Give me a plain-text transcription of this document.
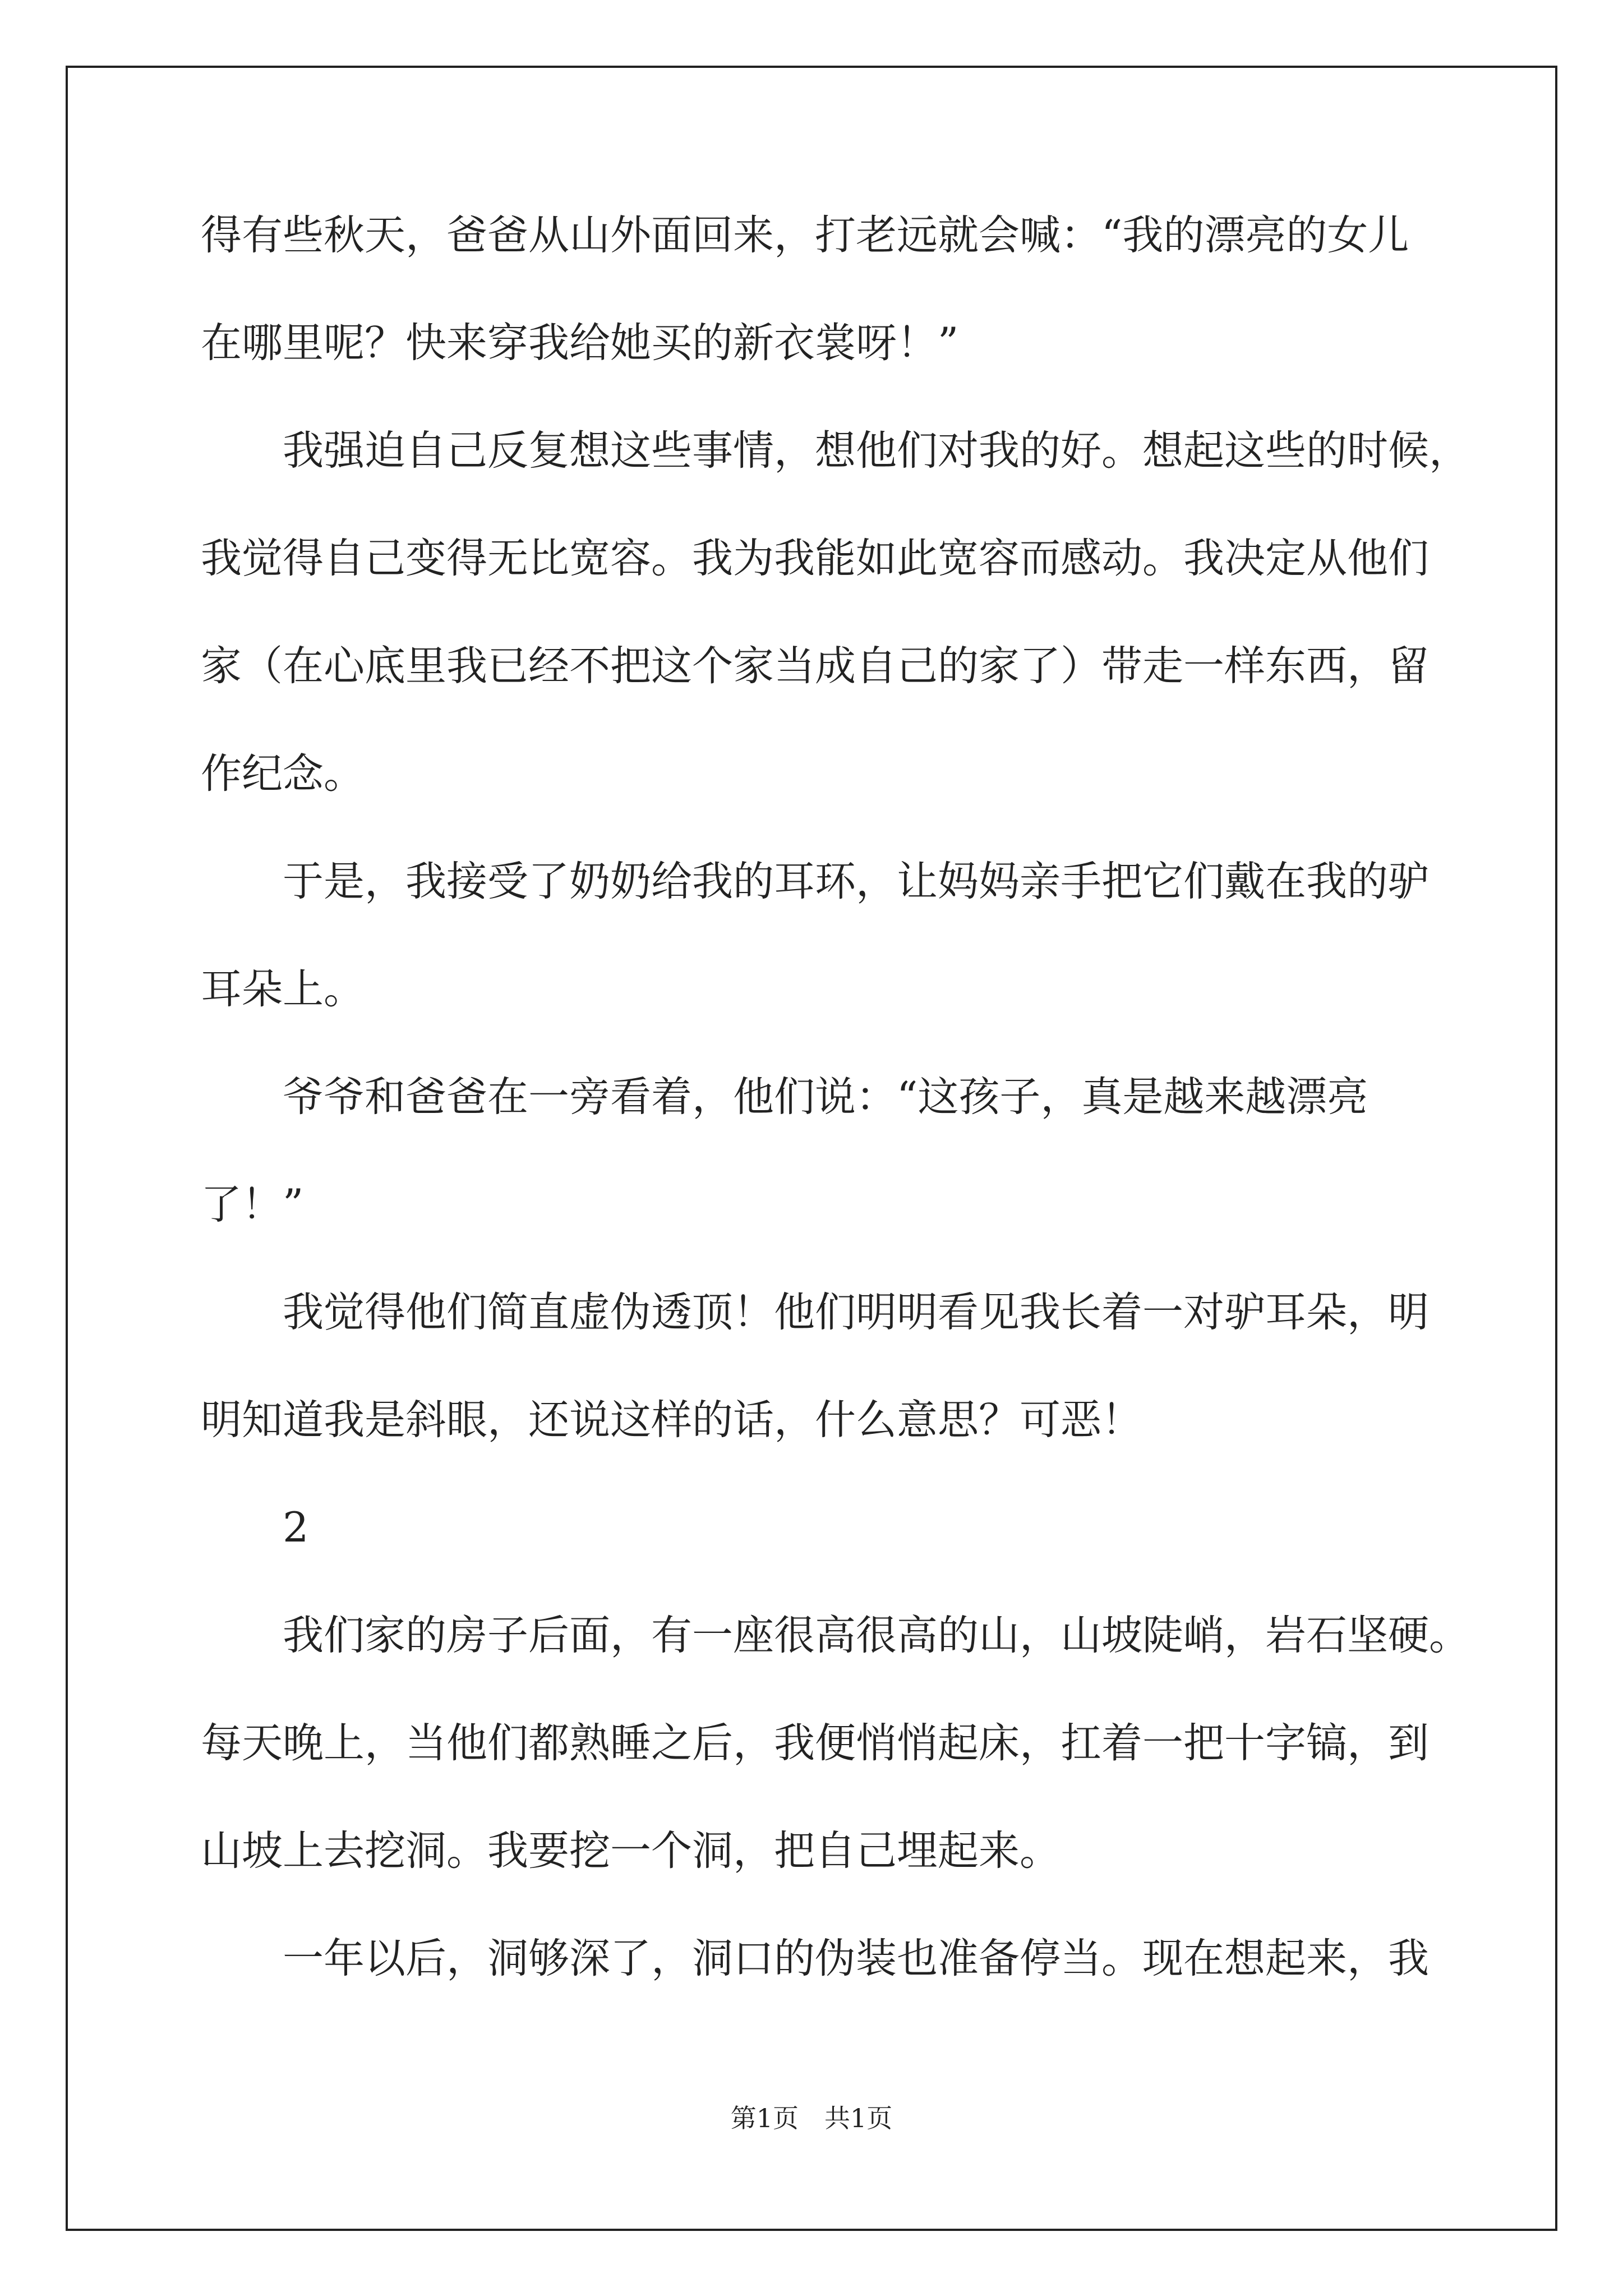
得有些秋天，爸爸从山外面回来，打老远就会喊：“我的漂亮的女儿
在哪里呢？快来穿我给她买的新衣裳呀！”
我强迫自己反复想这些事情，想他们对我的好。想起这些的时候，
我觉得自己变得无比宽容。我为我能如此宽容而感动。我决定从他们
家（在心底里我已经不把这个家当成自己的家了）带走一样东西，留
作纪念。
于是，我接受了奶奶给我的耳环，让妈妈亲手把它们戴在我的驴
耳朵上。
爷爷和爸爸在一旁看着，他们说：“这孩子，真是越来越漂亮
了！”
我觉得他们简直虚伪透顶！他们明明看见我长着一对驴耳朵，明
明知道我是斜眼，还说这样的话，什么意思？可恶！
2
我们家的房子后面，有一座很高很高的山，山坡陡峭，岩石坚硬。
每天晚上，当他们都熟睡之后，我便悄悄起床，扛着一把十字镐，到
山坡上去挖洞。我要挖一个洞，把自己埋起来。
一年以后，洞够深了，洞口的伪装也准备停当。现在想起来，我
第1页　共1页
